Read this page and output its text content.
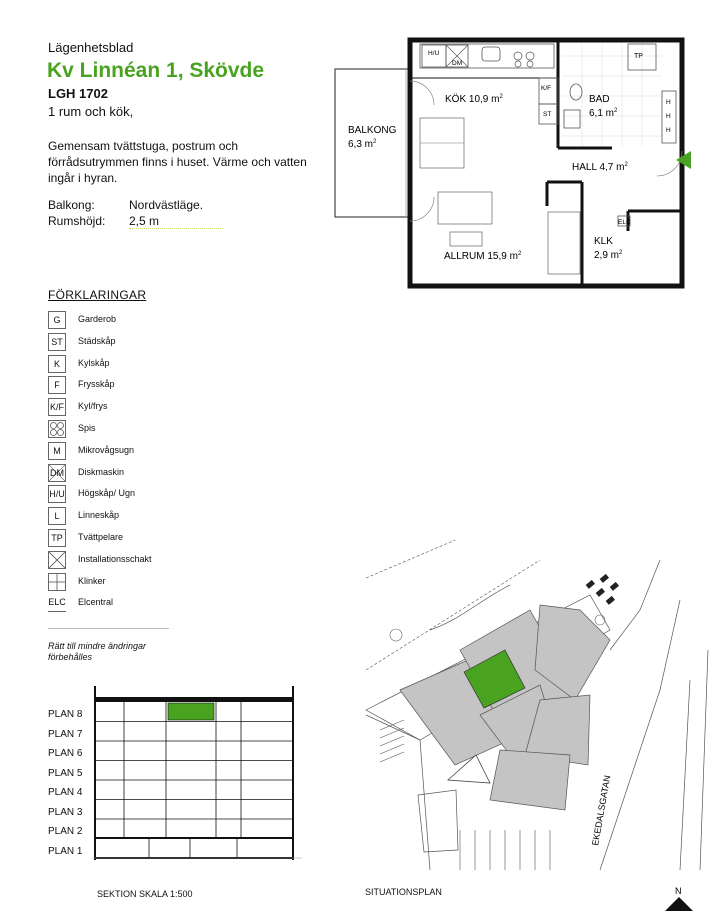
Lägenhetsblad
Kv Linnéan 1, Skövde
LGH 1702
1 rum och kök,
Gemensam tvättstuga, postrum och förrådsutrymmen finns i huset. Värme och vatten ingår i hyran.
Balkong:	Nordvästläge.
Rumshöjd: 2,5 m
H/U
DM
K/F
ST
TP
H
H
H
ELC
KÖK 10,9 $m^2$	BAD
6,1 $m^2$
BALKONG
6,3 $m^2$
HALL 4,7 $m^2$
KLK
2,9 $m^2$
ALLRUM 15,9 $m^2$
FÖRKLARINGAR
G	Garderob
ST	Städskåp
K	Kylskåp
F	Frysskåp
K/F Kyl/frys
Spis
M	Mikrovågsugn
DM Diskmaskin
H/U Högskåp/ Ugn
L	Linneskåp
TP	Tvättpelare
Installationsschakt
Klinker
ELC Elcentral
Rätt till mindre ändringar
förbehålles
PLAN 8
PLAN 7
PLAN 6
PLAN 5
PLAN 4
PLAN 3
PLAN 2
PLAN 1
SEKTION SKALA 1:500
EKEDALSGATAN
SITUATIONSPLAN	N
